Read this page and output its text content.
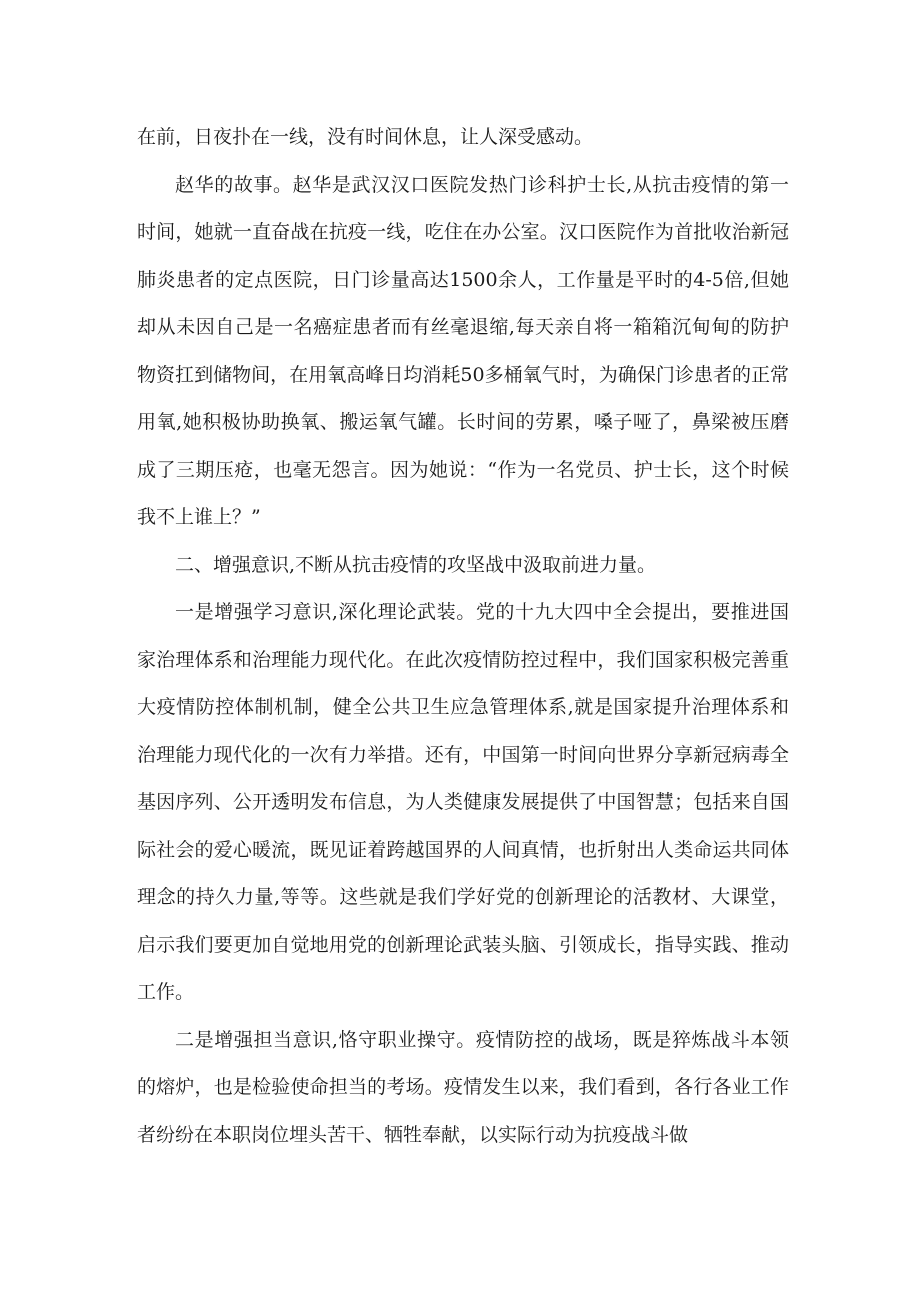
在前，日夜扑在一线，没有时间休息，让人深受感动。

赵华的故事。赵华是武汉汉口医院发热门诊科护士长,从抗击疫情的第一时间，她就一直奋战在抗疫一线，吃住在办公室。汉口医院作为首批收治新冠肺炎患者的定点医院，日门诊量高达1500余人，工作量是平时的4-5倍,但她却从未因自己是一名癌症患者而有丝毫退缩,每天亲自将一箱箱沉甸甸的防护物资扛到储物间，在用氧高峰日均消耗50多桶氧气时，为确保门诊患者的正常用氧,她积极协助换氧、搬运氧气罐。长时间的劳累，嗓子哑了，鼻梁被压磨成了三期压疮，也毫无怨言。因为她说：“作为一名党员、护士长，这个时候我不上谁上？”

二、增强意识,不断从抗击疫情的攻坚战中汲取前进力量。

一是增强学习意识,深化理论武装。党的十九大四中全会提出，要推进国家治理体系和治理能力现代化。在此次疫情防控过程中，我们国家积极完善重大疫情防控体制机制，健全公共卫生应急管理体系,就是国家提升治理体系和治理能力现代化的一次有力举措。还有，中国第一时间向世界分享新冠病毒全基因序列、公开透明发布信息，为人类健康发展提供了中国智慧；包括来自国际社会的爱心暖流，既见证着跨越国界的人间真情，也折射出人类命运共同体理念的持久力量,等等。这些就是我们学好党的创新理论的活教材、大课堂，启示我们要更加自觉地用党的创新理论武装头脑、引领成长，指导实践、推动工作。

二是增强担当意识,恪守职业操守。疫情防控的战场，既是猝炼战斗本领的熔炉，也是检验使命担当的考场。疫情发生以来，我们看到，各行各业工作者纷纷在本职岗位埋头苦干、牺牲奉献，以实际行动为抗疫战斗做
